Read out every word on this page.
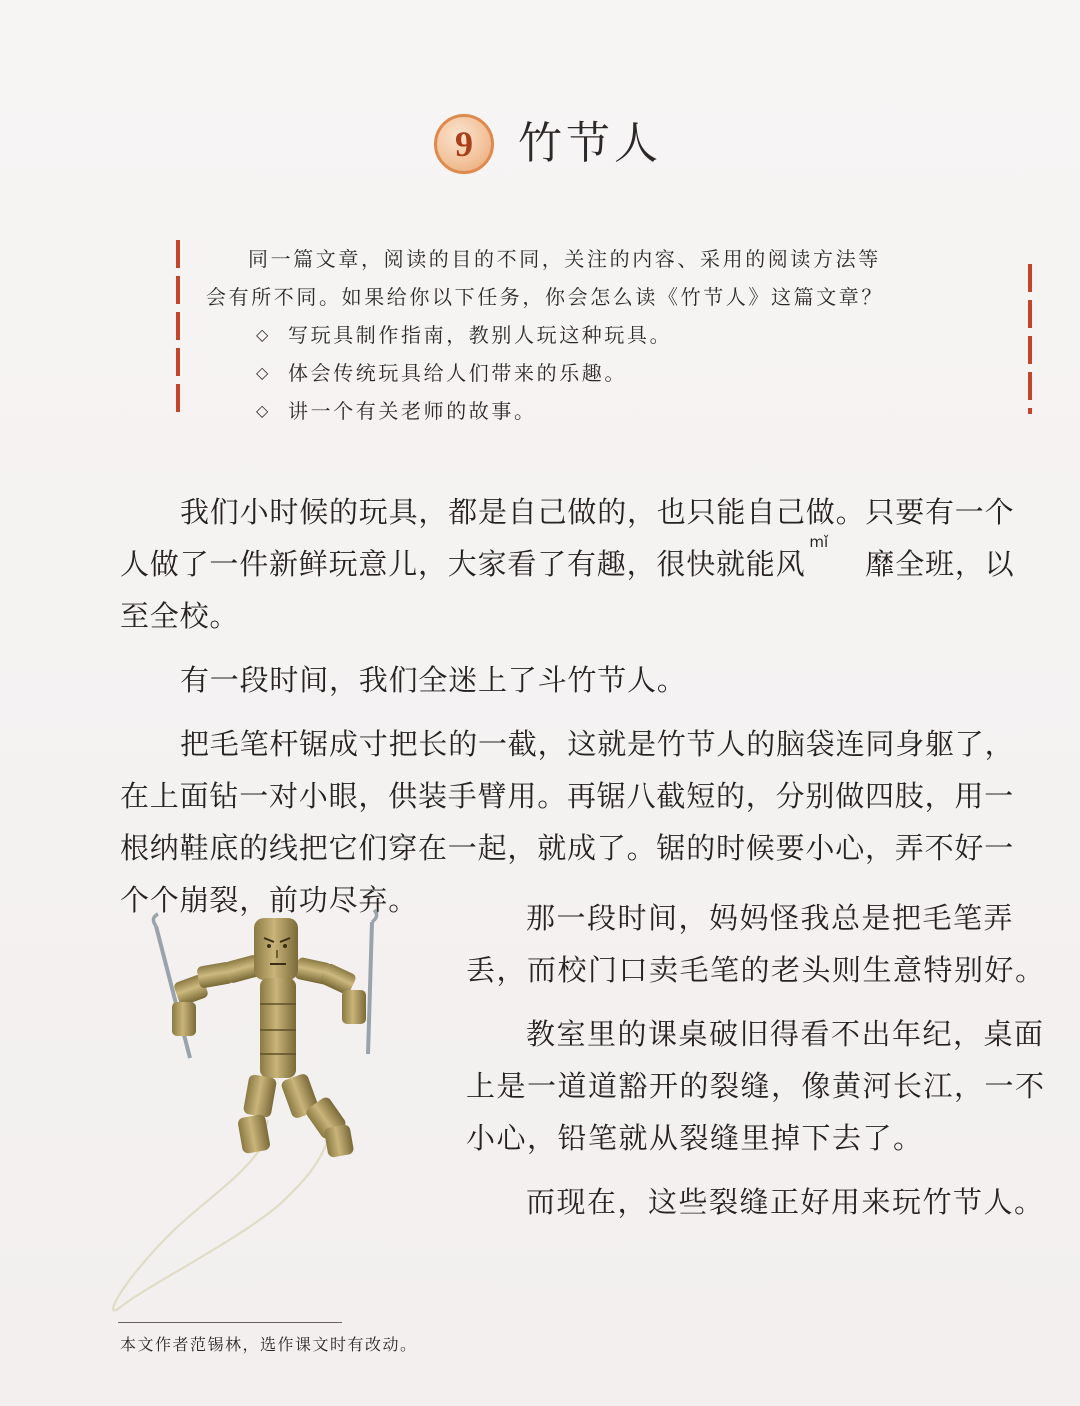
9 竹节人

同一篇文章，阅读的目的不同，关注的内容、采用的阅读方法等

会有所不同。如果给你以下任务，你会怎么读《竹节人》这篇文章？

◇ 写玩具制作指南，教别人玩这种玩具。
◇ 体会传统玩具给人们带来的乐趣。
◇ 讲一个有关老师的故事。

我们小时候的玩具，都是自己做的，也只能自己做。只要有一个人做了一件新鲜玩意儿，大家看了有趣，很快就能风
mǐ
靡全班，以至全校。

有一段时间，我们全迷上了斗竹节人。

把毛笔杆锯成寸把长的一截，这就是竹节人的脑袋连同身躯了，在上面钻一对小眼，供装手臂用。再锯八截短的，分别做四肢，用一根纳鞋底的线把它们穿在一起，就成了。锯的时候要小心，弄不好一个个崩裂，前功尽弃。

那一段时间，妈妈怪我总是把毛笔弄丢，而校门口卖毛笔的老头则生意特别好。

教室里的课桌破旧得看不出年纪，桌面上是一道道豁开的裂缝，像黄河长江，一不小心，铅笔就从裂缝里掉下去了。

而现在，这些裂缝正好用来玩竹节人。

本文作者范锡林，选作课文时有改动。
